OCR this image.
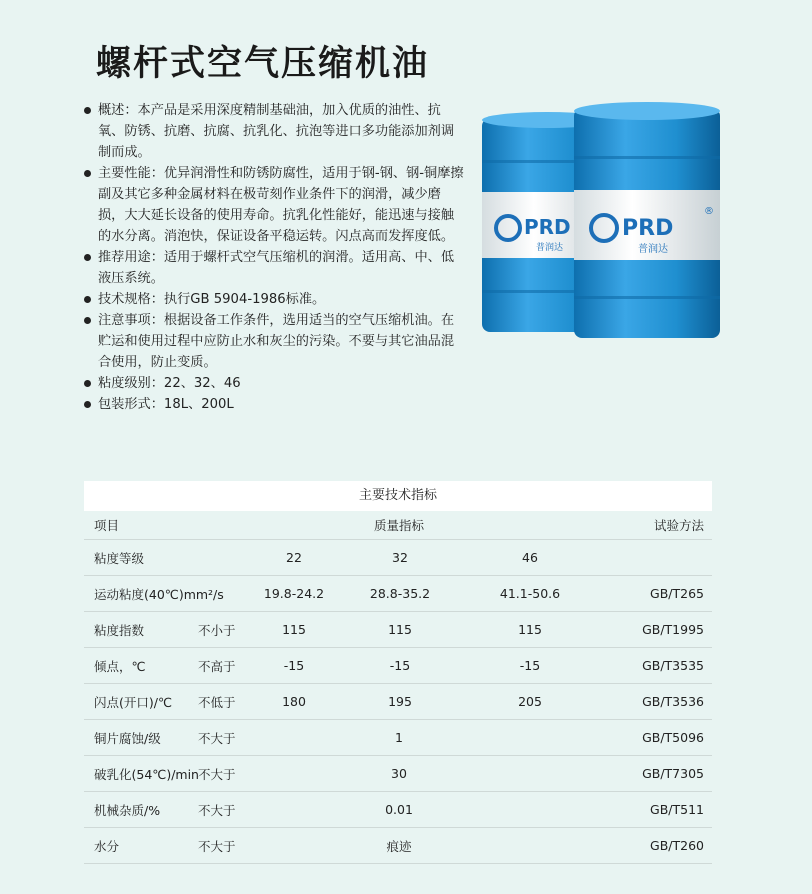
螺杆式空气压缩机油
概述：本产品是采用深度精制基础油，加入优质的油性、抗氧、防锈、抗磨、抗腐、抗乳化、抗泡等进口多功能添加剂调制而成。
主要性能：优异润滑性和防锈防腐性，适用于钢-钢、钢-铜摩擦副及其它多种金属材料在极苛刻作业条件下的润滑，减少磨损，大大延长设备的使用寿命。抗乳化性能好，能迅速与接触的水分离。消泡快，保证设备平稳运转。闪点高而发挥度低。
推荐用途：适用于螺杆式空气压缩机的润滑。适用高、中、低液压系统。
技术规格：执行GB 5904-1986标准。
注意事项：根据设备工作条件，选用适当的空气压缩机油。在贮运和使用过程中应防止水和灰尘的污染。不要与其它油品混合使用，防止变质。
粘度级别：22、32、46
包装形式：18L、200L
PRD
普润达
PRD
®
普润达
主要技术指标
项目	质量指标	试验方法
粘度等级	22	32	46
运动粘度(40℃)mm²/s	19.8-24.2	28.8-35.2	41.1-50.6	GB/T265
粘度指数	不小于	115	115	115	GB/T1995
倾点，℃	不高于	-15	-15	-15	GB/T3535
闪点(开口)/℃ 不低于	180	195	205	GB/T3536
铜片腐蚀/级	不大于	1	GB/T5096
破乳化(54℃)/min 不大于	30	GB/T7305
机械杂质/%	不大于	0.01	GB/T511
水分	不大于	痕迹	GB/T260
